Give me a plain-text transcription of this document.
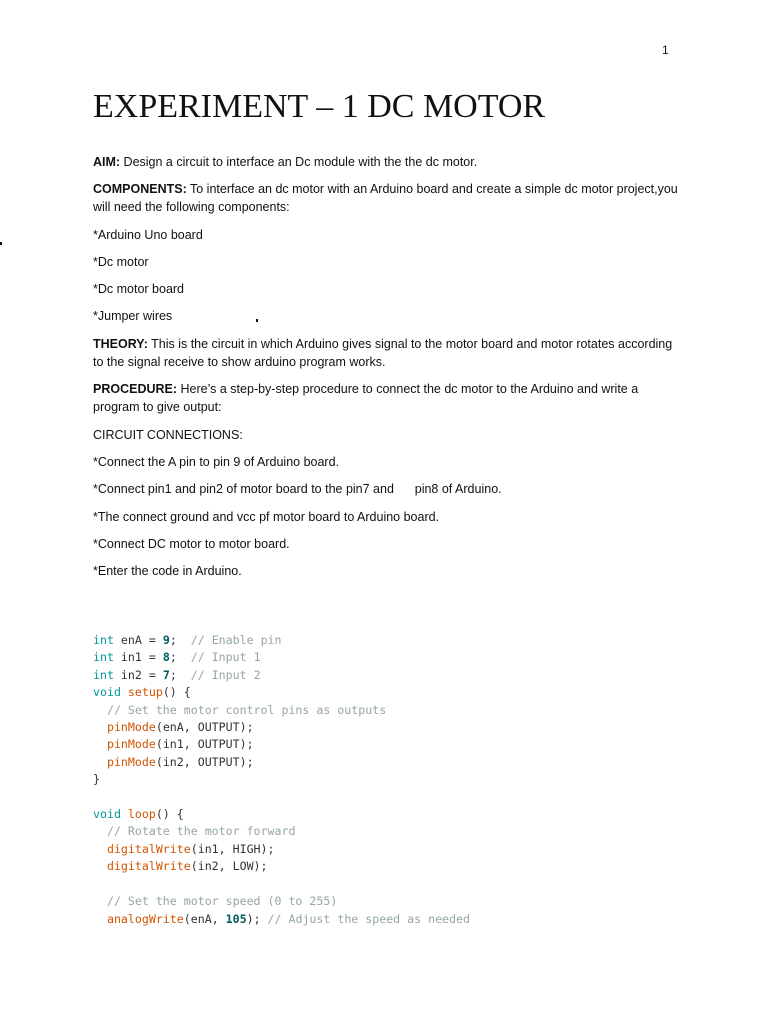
1
EXPERIMENT – 1 DC MOTOR

AIM: Design a circuit to interface an Dc module with the the dc motor.

COMPONENTS: To interface an dc motor with an Arduino board and create a simple dc motor project,you will need the following components:

*Arduino Uno board

*Dc motor

*Dc motor board

*Jumper wires

THEORY: This is the circuit in which Arduino gives signal to the motor board and motor rotates according to the signal receive to show arduino program works.

PROCEDURE: Here’s a step-by-step procedure to connect the dc motor to the Arduino and write a program to give output:

CIRCUIT CONNECTIONS:

*Connect the A pin to pin 9 of Arduino board.

*Connect pin1 and pin2 of motor board to the pin7 and      pin8 of Arduino.

*The connect ground and vcc pf motor board to Arduino board.

*Connect DC motor to motor board.

*Enter the code in Arduino.

int enA = 9;  // Enable pin
int in1 = 8;  // Input 1
int in2 = 7;  // Input 2
void setup() {
// Set the motor control pins as outputs
pinMode(enA, OUTPUT);
pinMode(in1, OUTPUT);
pinMode(in2, OUTPUT);
}

void loop() {
// Rotate the motor forward
digitalWrite(in1, HIGH);
digitalWrite(in2, LOW);

// Set the motor speed (0 to 255)
analogWrite(enA, 105); // Adjust the speed as needed
